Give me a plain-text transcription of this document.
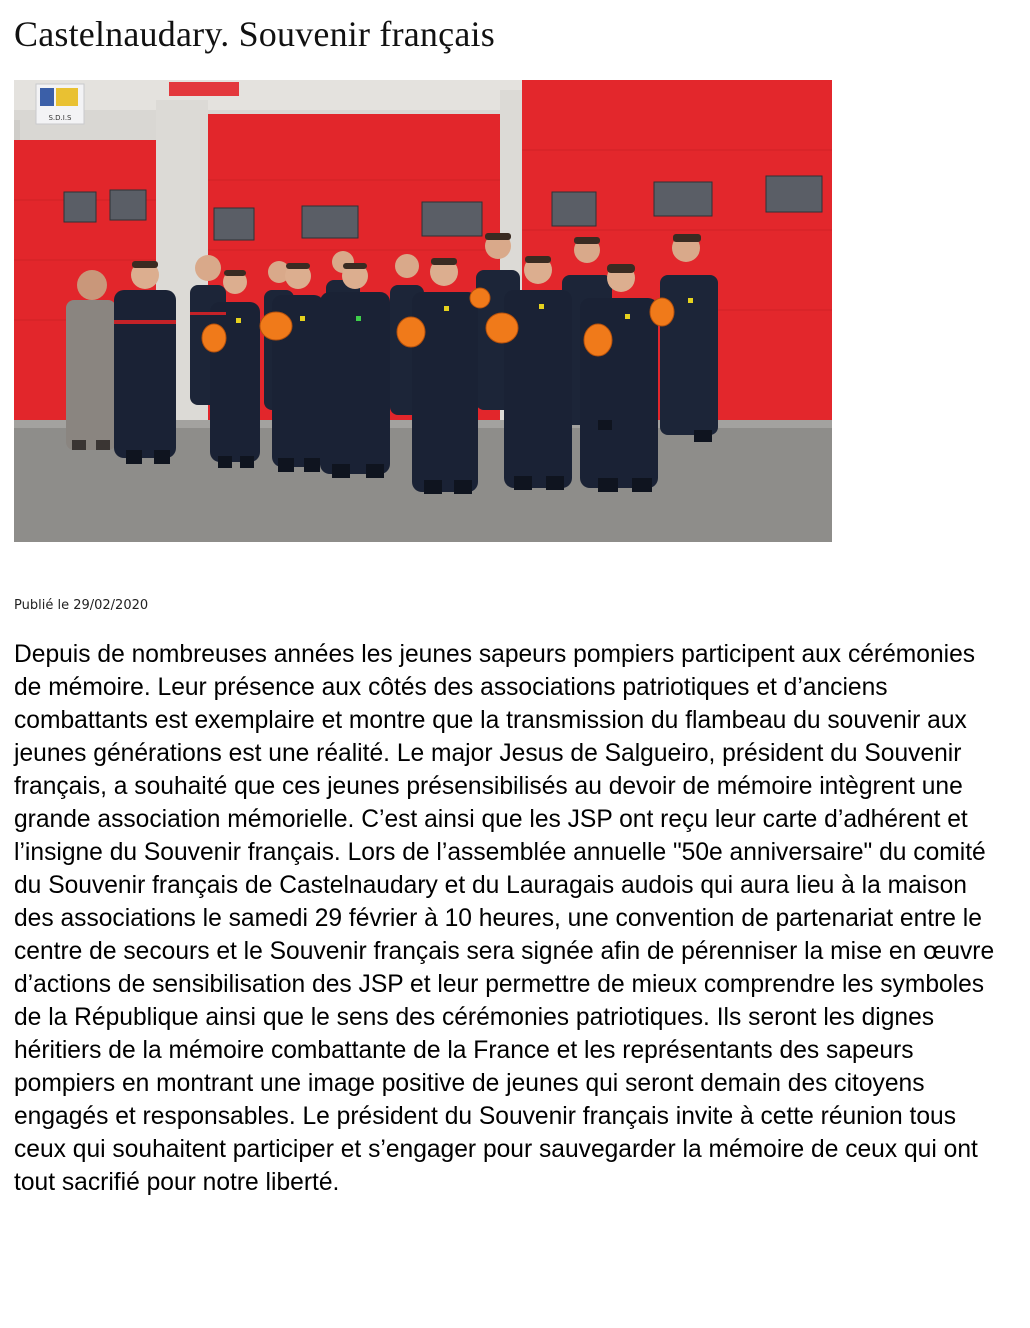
Castelnaudary. Souvenir français
S.D.I.S
Publié le 29/02/2020

Depuis de nombreuses années les jeunes sapeurs pompiers participent aux cérémonies de mémoire. Leur présence aux côtés des associations patriotiques et d’anciens combattants est exemplaire et montre que la transmission du flambeau du souvenir aux jeunes générations est une réalité. Le major Jesus de Salgueiro, président du Souvenir français, a souhaité que ces jeunes présensibilisés au devoir de mémoire intègrent une grande association mémorielle. C’est ainsi que les JSP ont reçu leur carte d’adhérent et l’insigne du Souvenir français. Lors de l’assemblée annuelle "50e anniversaire" du comité du Souvenir français de Castelnaudary et du Lauragais audois qui aura lieu à la maison des associations le samedi 29 février à 10 heures, une convention de partenariat entre le centre de secours et le Souvenir français sera signée afin de pérenniser la mise en œuvre d’actions de sensibilisation des JSP et leur permettre de mieux comprendre les symboles de la République ainsi que le sens des cérémonies patriotiques. Ils seront les dignes héritiers de la mémoire combattante de la France et les représentants des sapeurs pompiers en montrant une image positive de jeunes qui seront demain des citoyens engagés et responsables. Le président du Souvenir français invite à cette réunion tous ceux qui souhaitent participer et s’engager pour sauvegarder la mémoire de ceux qui ont tout sacrifié pour notre liberté.
